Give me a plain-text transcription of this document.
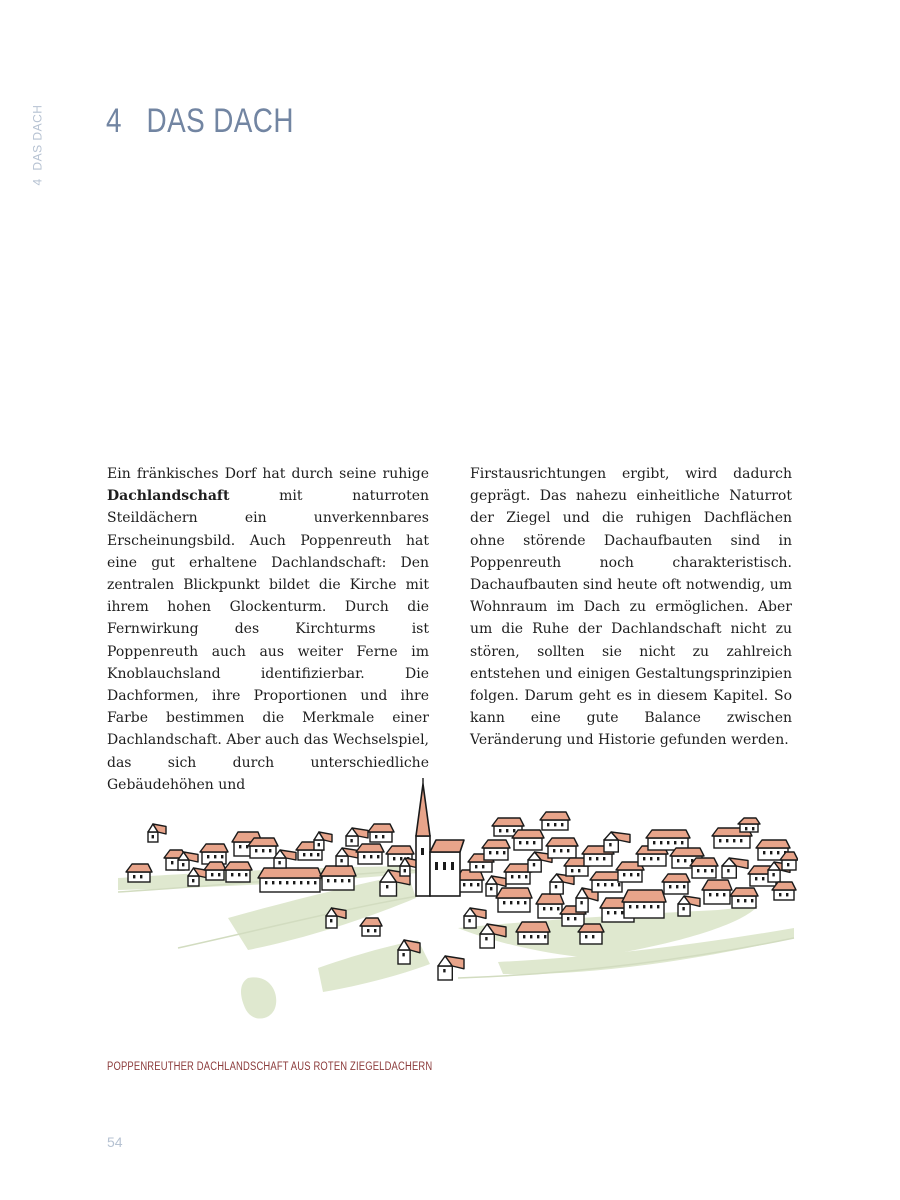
4  DAS DACH 4 DAS DACH

Ein fränkisches Dorf hat durch seine ruhige Dachlandschaft mit naturroten Steildächern ein unverkennbares Erscheinungsbild. Auch Poppenreuth hat eine gut erhaltene Dachlandschaft: Den zentralen Blickpunkt bildet die Kirche mit ihrem hohen Glockenturm. Durch die Fernwirkung des Kirchturms ist Poppenreuth auch aus weiter Ferne im Knoblauchsland identifizierbar. Die Dachformen, ihre Proportionen und ihre Farbe bestimmen die Merkmale einer Dachlandschaft. Aber auch das Wechselspiel, das sich durch unterschiedliche Gebäudehöhen und

Firstausrichtungen ergibt, wird dadurch geprägt. Das nahezu einheitliche Naturrot der Ziegel und die ruhigen Dachflächen ohne störende Dachaufbauten sind in Poppenreuth noch charakteristisch. Dachaufbauten sind heute oft notwendig, um Wohnraum im Dach zu ermöglichen. Aber um die Ruhe der Dachlandschaft nicht zu stören, sollten sie nicht zu zahlreich entstehen und einigen Gestaltungsprinzipien folgen. Darum geht es in diesem Kapitel. So kann eine gute Balance zwischen Veränderung und Historie gefunden werden.

POPPENREUTHER DACHLANDSCHAFT AUS ROTEN ZIEGELDÄCHERN
54
